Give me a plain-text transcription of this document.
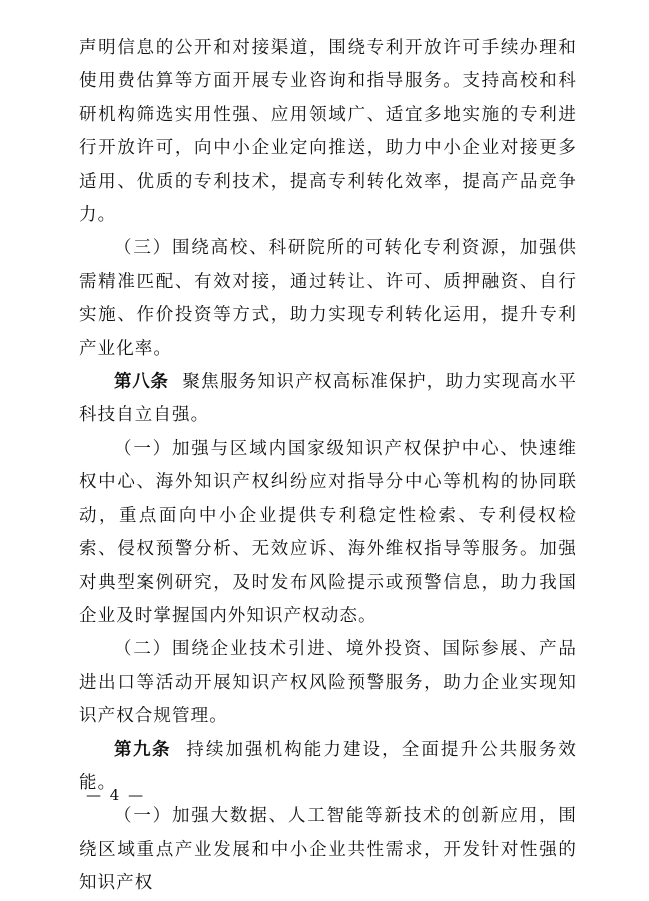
声明信息的公开和对接渠道，围绕专利开放许可手续办理和使用费估算等方面开展专业咨询和指导服务。支持高校和科研机构筛选实用性强、应用领域广、适宜多地实施的专利进行开放许可，向中小企业定向推送，助力中小企业对接更多适用、优质的专利技术，提高专利转化效率，提高产品竞争力。

（三）围绕高校、科研院所的可转化专利资源，加强供需精准匹配、有效对接，通过转让、许可、质押融资、自行实施、作价投资等方式，助力实现专利转化运用，提升专利产业化率。

第八条 聚焦服务知识产权高标准保护，助力实现高水平科技自立自强。

（一）加强与区域内国家级知识产权保护中心、快速维权中心、海外知识产权纠纷应对指导分中心等机构的协同联动，重点面向中小企业提供专利稳定性检索、专利侵权检索、侵权预警分析、无效应诉、海外维权指导等服务。加强对典型案例研究，及时发布风险提示或预警信息，助力我国企业及时掌握国内外知识产权动态。

（二）围绕企业技术引进、境外投资、国际参展、产品进出口等活动开展知识产权风险预警服务，助力企业实现知识产权合规管理。

第九条 持续加强机构能力建设，全面提升公共服务效能。

（一）加强大数据、人工智能等新技术的创新应用，围绕区域重点产业发展和中小企业共性需求，开发针对性强的知识产权

— 4 —
